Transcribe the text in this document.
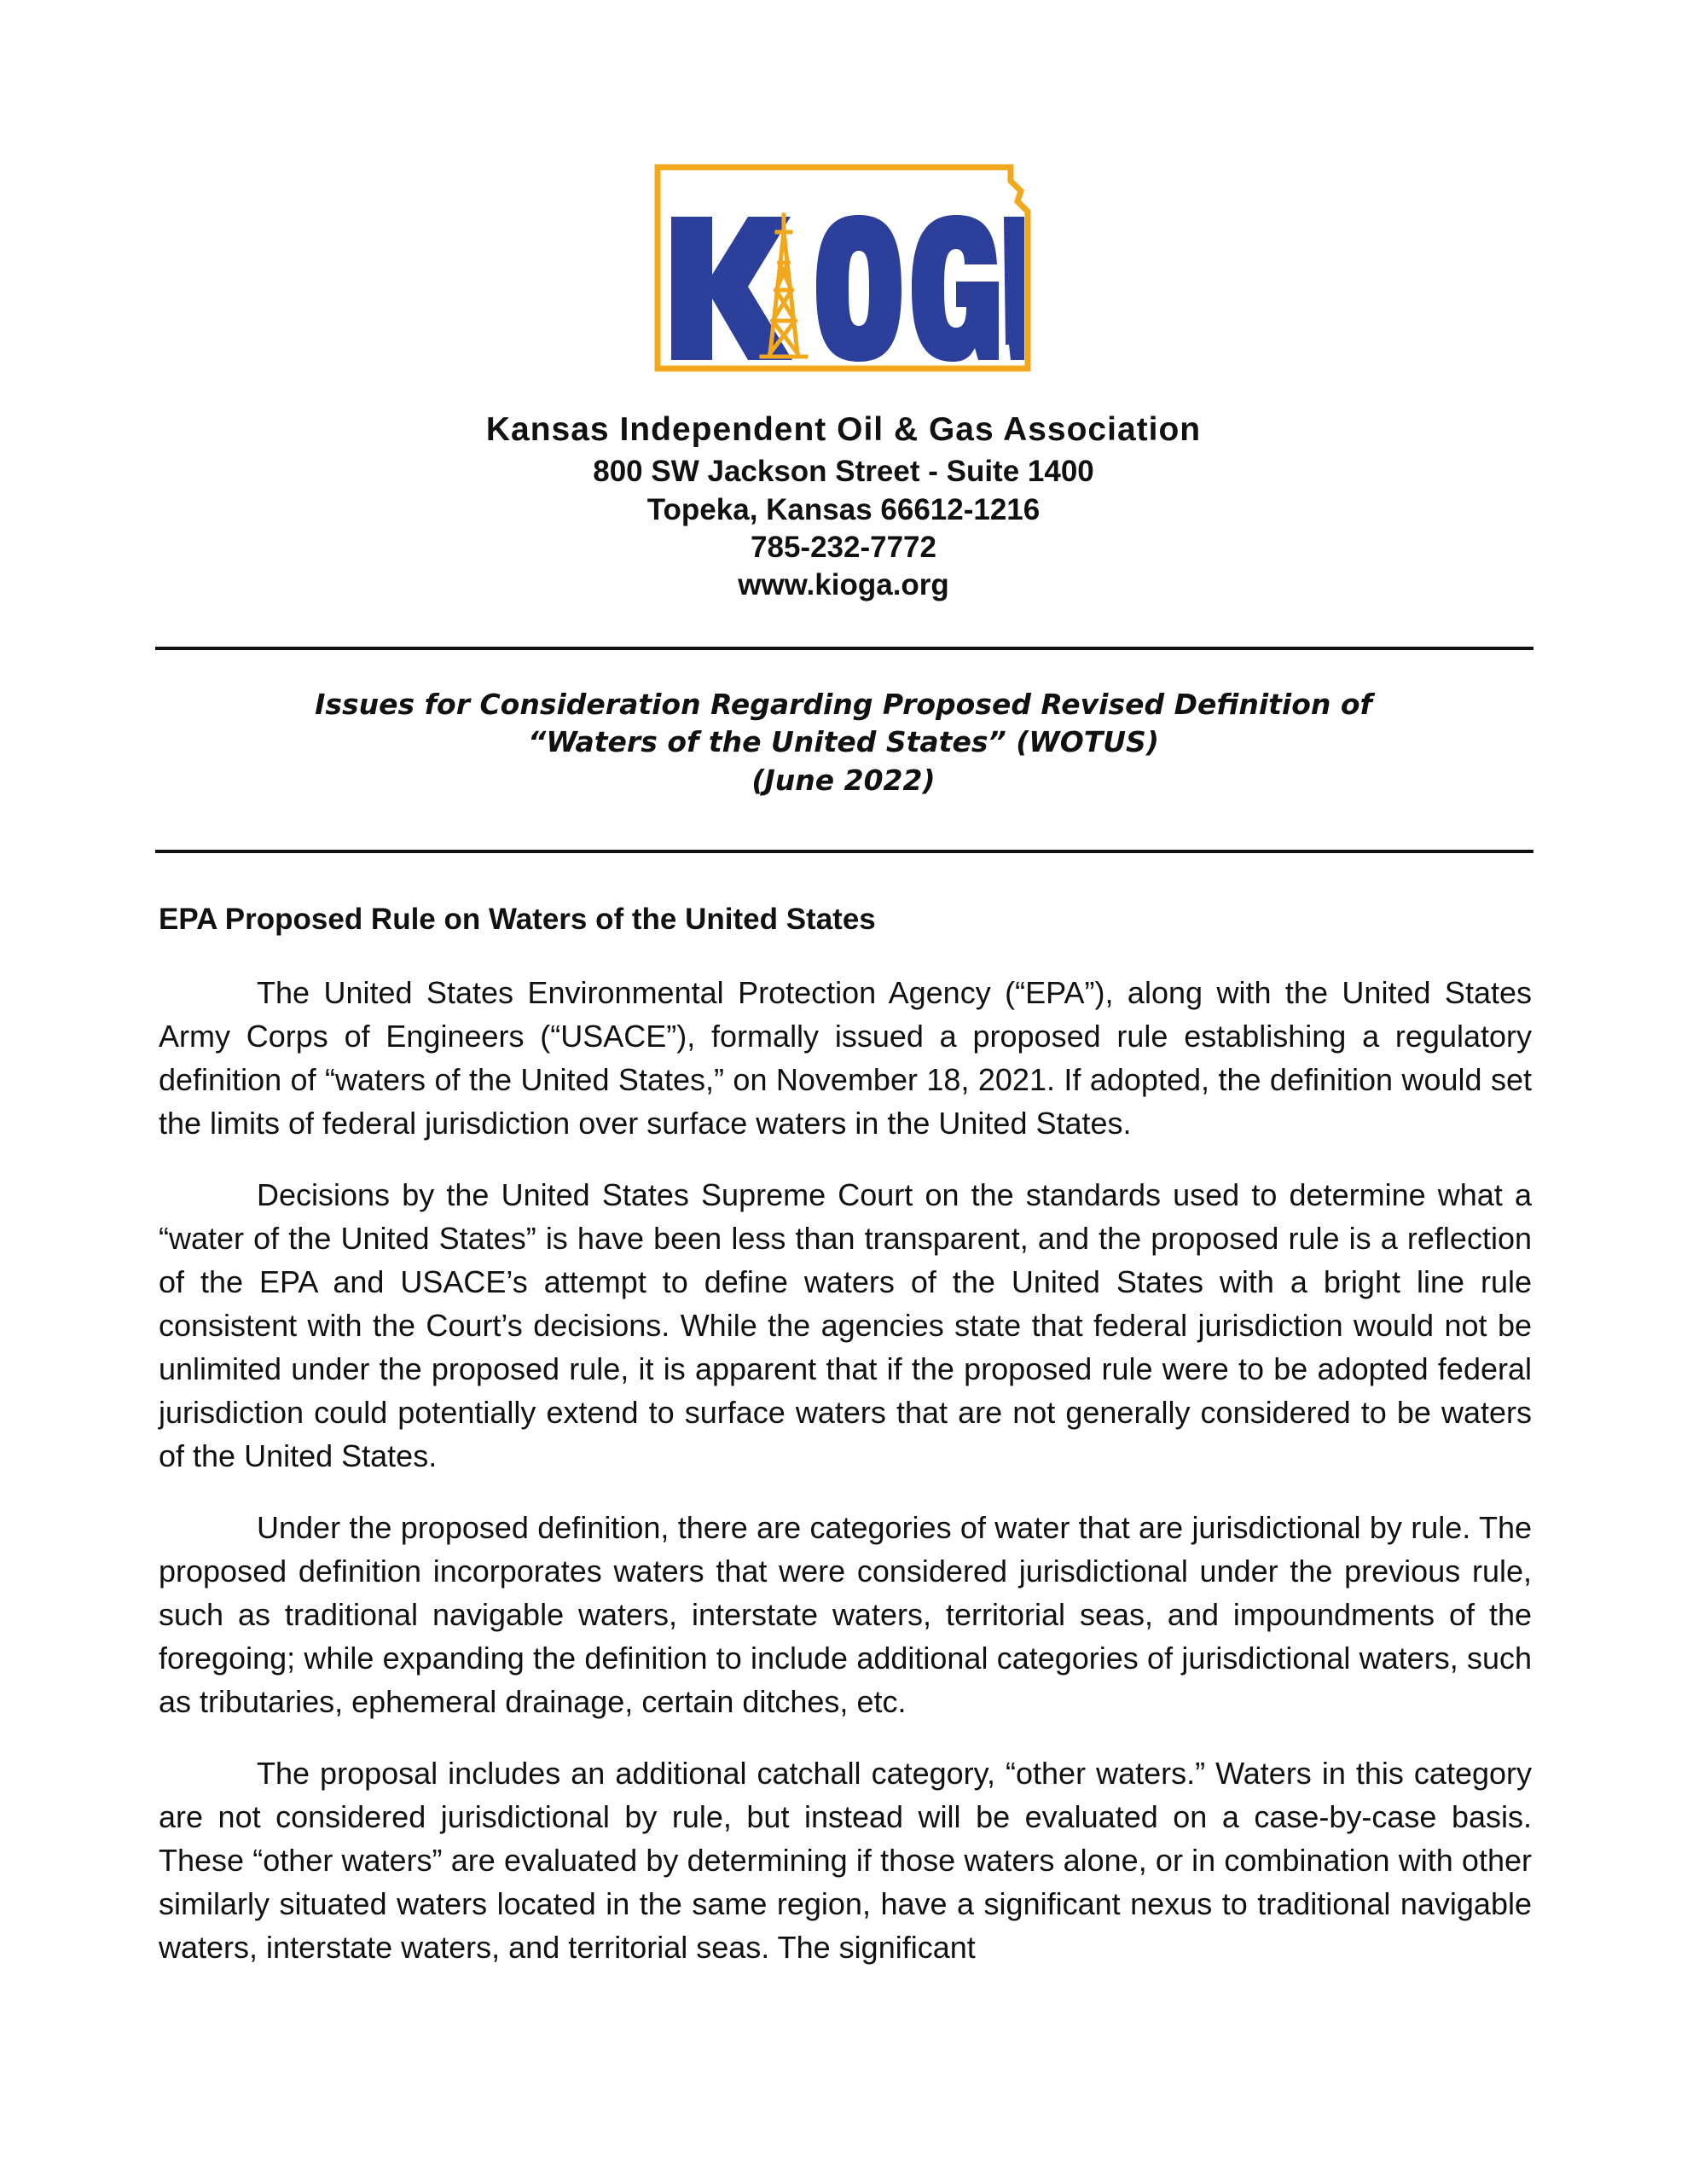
Kansas Independent Oil & Gas Association
800 SW Jackson Street - Suite 1400
Topeka, Kansas 66612-1216
785-232-7772
www.kioga.org
Issues for Consideration Regarding Proposed Revised Definition of
“Waters of the United States” (WOTUS)
(June 2022)
EPA Proposed Rule on Waters of the United States

The United States Environmental Protection Agency (“EPA”), along with the United States Army Corps of Engineers (“USACE”), formally issued a proposed rule establishing a regulatory definition of “waters of the United States,” on November 18, 2021. If adopted, the definition would set the limits of federal jurisdiction over surface waters in the United States.

Decisions by the United States Supreme Court on the standards used to determine what a “water of the United States” is have been less than transparent, and the proposed rule is a reflection of the EPA and USACE’s attempt to define waters of the United States with a bright line rule consistent with the Court’s decisions. While the agencies state that federal jurisdiction would not be unlimited under the proposed rule, it is apparent that if the proposed rule were to be adopted federal jurisdiction could potentially extend to surface waters that are not generally considered to be waters of the United States.

Under the proposed definition, there are categories of water that are jurisdictional by rule. The proposed definition incorporates waters that were considered jurisdictional under the previous rule, such as traditional navigable waters, interstate waters, territorial seas, and impoundments of the foregoing; while expanding the definition to include additional categories of jurisdictional waters, such as tributaries, ephemeral drainage, certain ditches, etc.

The proposal includes an additional catchall category, “other waters.” Waters in this category are not considered jurisdictional by rule, but instead will be evaluated on a case-by-case basis. These “other waters” are evaluated by determining if those waters alone, or in combination with other similarly situated waters located in the same region, have a significant nexus to traditional navigable waters, interstate waters, and territorial seas. The significant
